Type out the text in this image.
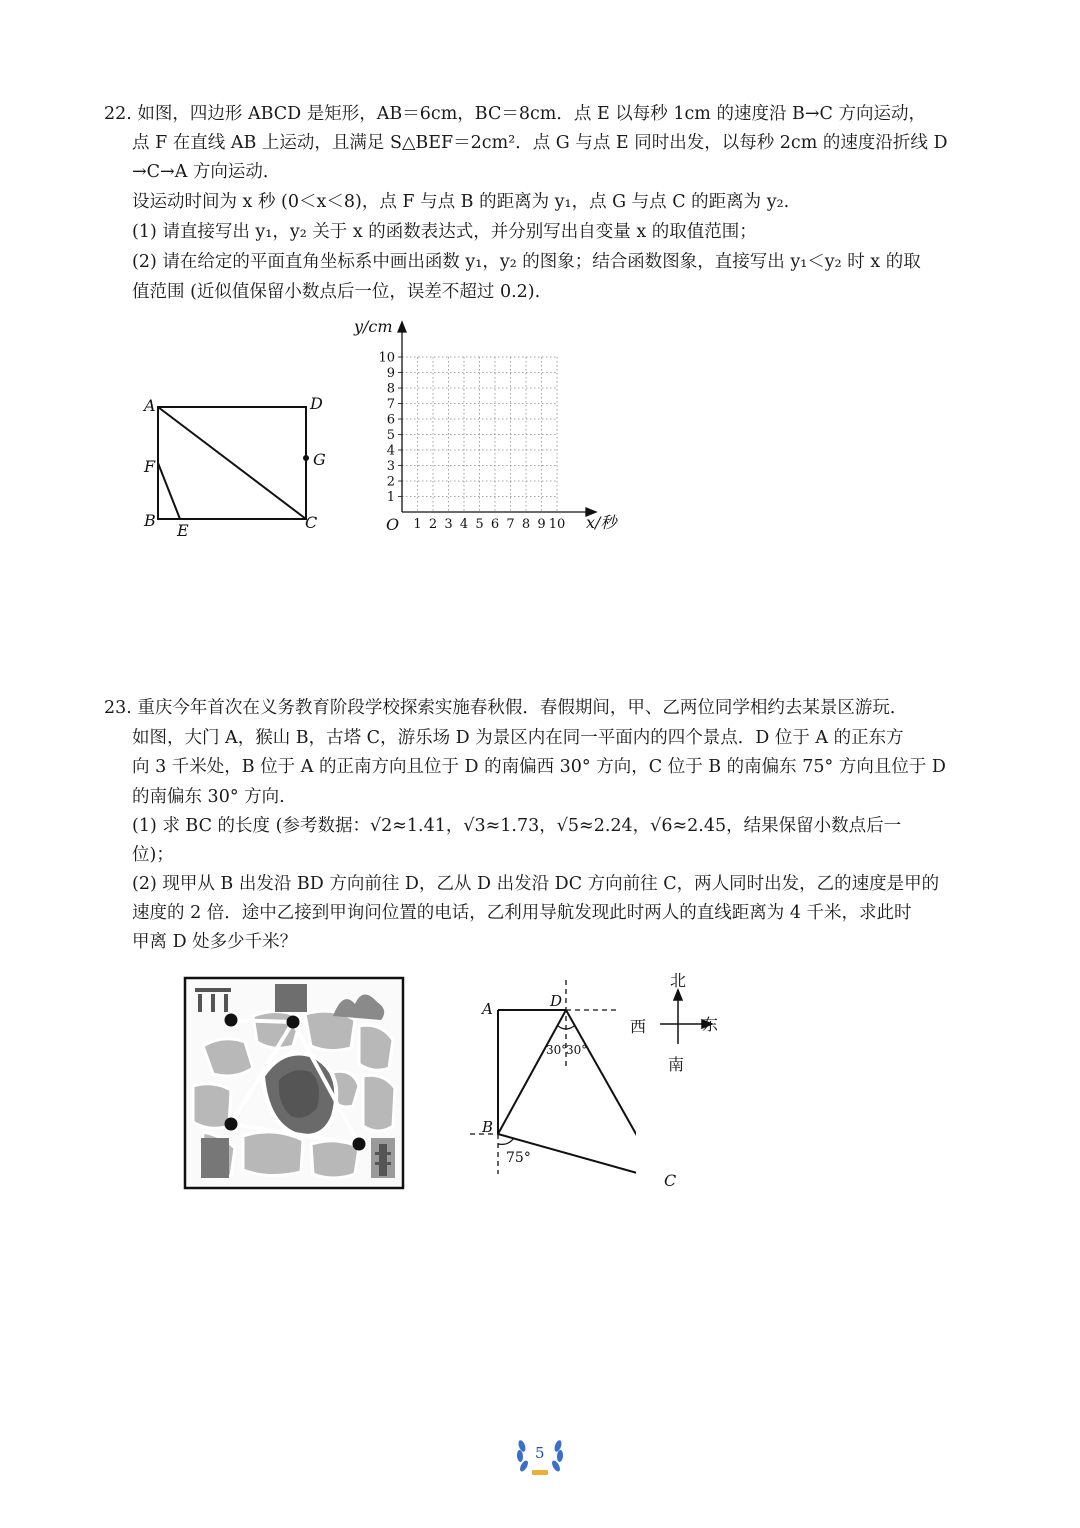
22. 如图，四边形 ABCD 是矩形，AB＝6cm，BC＝8cm．点 E 以每秒 1cm 的速度沿 B→C 方向运动，
点 F 在直线 AB 上运动，且满足 S△BEF＝2cm²．点 G 与点 E 同时出发，以每秒 2cm 的速度沿折线 D
→C→A 方向运动．
设运动时间为 x 秒 (0＜x＜8)，点 F 与点 B 的距离为 y₁，点 G 与点 C 的距离为 y₂.
(1) 请直接写出 y₁，y₂ 关于 x 的函数表达式，并分别写出自变量 x 的取值范围；
(2) 请在给定的平面直角坐标系中画出函数 y₁，y₂ 的图象；结合函数图象，直接写出 y₁＜y₂ 时 x 的取
值范围 (近似值保留小数点后一位，误差不超过 0.2).
A	D
F	G
B
E	C	1 2 3 4 5 6 7 8 9 10
1
2
3
4
5
6
7
8
9
10
y/cm
x/秒
O
23. 重庆今年首次在义务教育阶段学校探索实施春秋假．春假期间，甲、乙两位同学相约去某景区游玩．
如图，大门 A，猴山 B，古塔 C，游乐场 D 为景区内在同一平面内的四个景点．D 位于 A 的正东方
向 3 千米处，B 位于 A 的正南方向且位于 D 的南偏西 30° 方向，C 位于 B 的南偏东 75° 方向且位于 D
的南偏东 30° 方向.
(1) 求 BC 的长度 (参考数据：√2≈1.41，√3≈1.73，√5≈2.24，√6≈2.45，结果保留小数点后一
位)；
(2) 现甲从 B 出发沿 BD 方向前往 D，乙从 D 出发沿 DC 方向前往 C，两人同时出发，乙的速度是甲的
速度的 2 倍．途中乙接到甲询问位置的电话，乙利用导航发现此时两人的直线距离为 4 千米，求此时
甲离 D 处多少千米？
A	D
B
30°
30°
75°
C
北
西	东
南
5
